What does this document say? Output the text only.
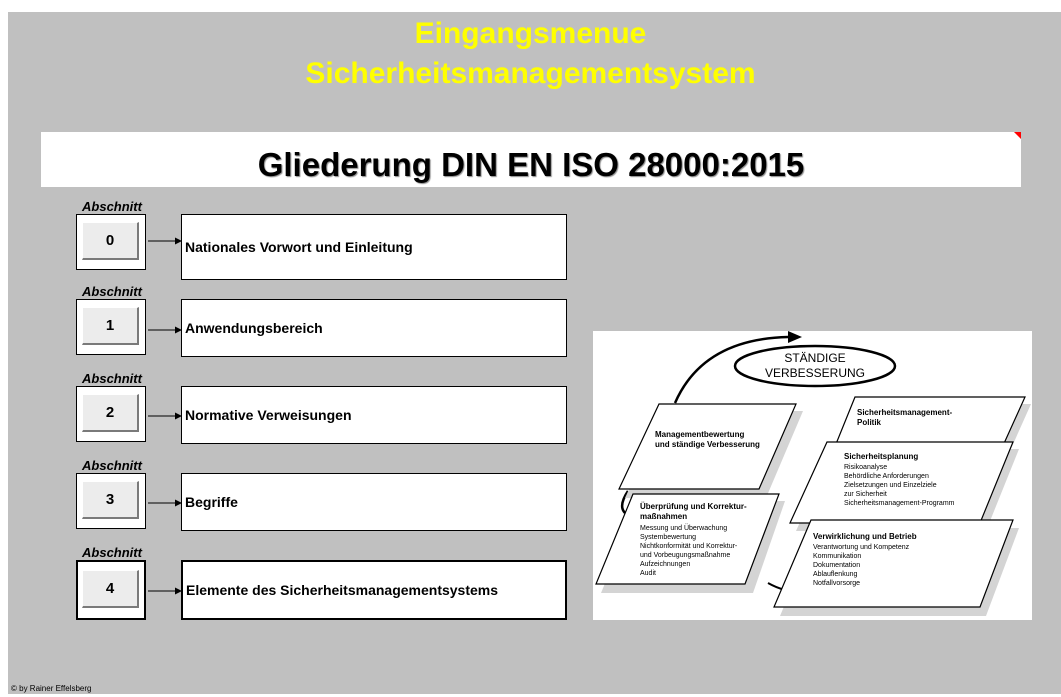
Eingangsmenue
Sicherheitsmanagementsystem
Gliederung DIN EN ISO 28000:2015
Abschnitt
0	Nationales Vorwort und Einleitung
Abschnitt
1	Anwendungsbereich
Abschnitt
2	Normative Verweisungen
Abschnitt
3	Begriffe
Abschnitt
4	Elemente des Sicherheitsmanagementsystems
STÄNDIGE
VERBESSERUNG
Managementbewertung
und ständige Verbesserung
Überprüfung und Korrektur-
maßnahmen
Messung und Überwachung
Systembewertung
Nichtkonformität und Korrektur-
und Vorbeugungsmaßnahme
Aufzeichnungen
Audit
Sicherheitsmanagement-
Politik
Sicherheitsplanung
Risikoanalyse
Behördliche Anforderungen
Zielsetzungen und Einzelziele
zur Sicherheit
Sicherheitsmanagement-Programm
Verwirklichung und Betrieb
Verantwortung und Kompetenz
Kommunikation
Dokumentation
Ablauflenkung
Notfallvorsorge
© by Rainer Effelsberg
